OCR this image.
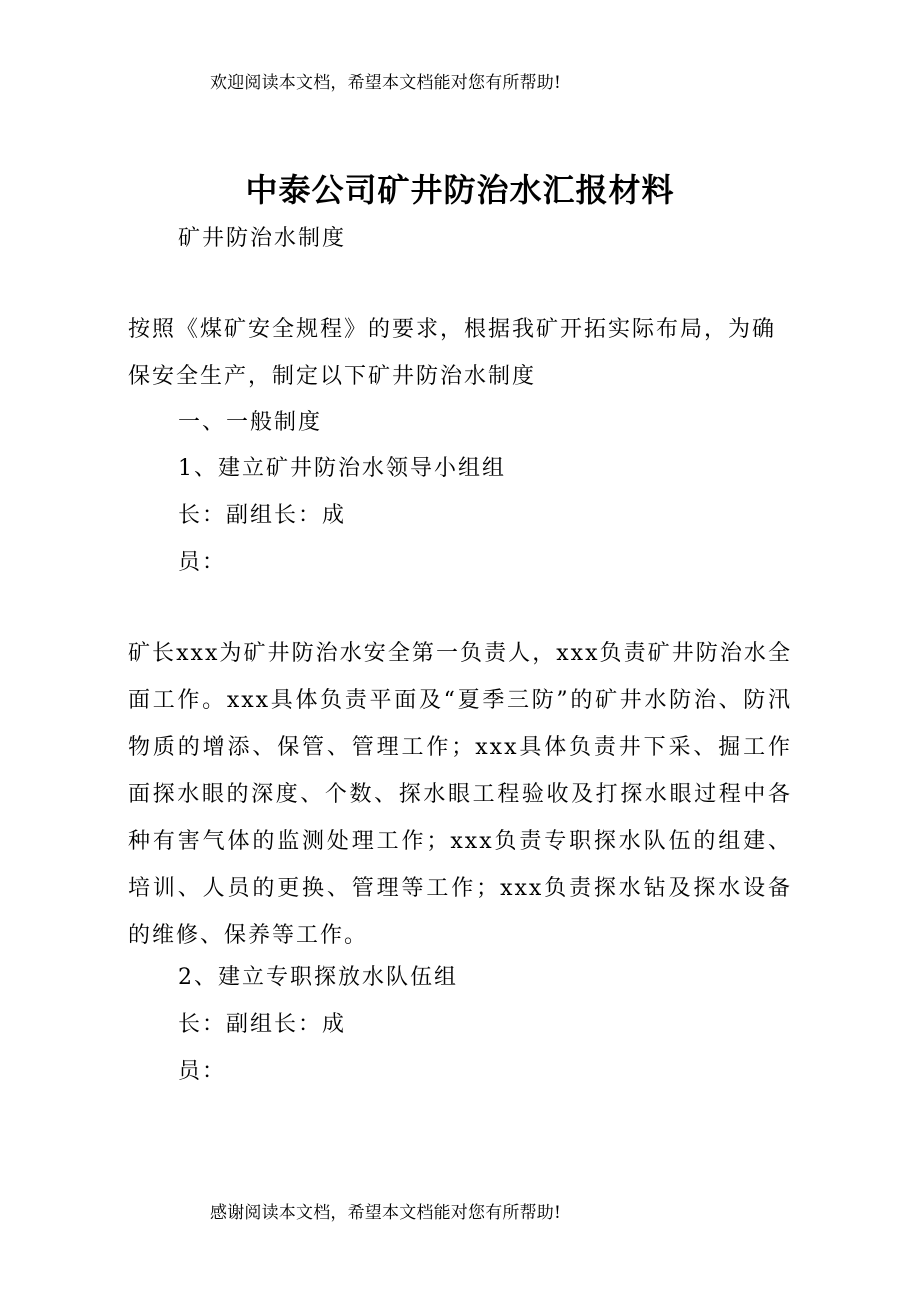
欢迎阅读本文档，希望本文档能对您有所帮助!
中泰公司矿井防治水汇报材料
矿井防治水制度
按照《煤矿安全规程》的要求，根据我矿开拓实际布局，为确
保安全生产，制定以下矿井防治水制度
一、一般制度
1、建立矿井防治水领导小组组
长：副组长：成
员：
矿长xxx为矿井防治水安全第一负责人，xxx负责矿井防治水全面工作。xxx具体负责平面及“夏季三防”的矿井水防治、防汛物质的增添、保管、管理工作；xxx具体负责井下采、掘工作面探水眼的深度、个数、探水眼工程验收及打探水眼过程中各种有害气体的监测处理工作；xxx负责专职探水队伍的组建、培训、人员的更换、管理等工作；xxx负责探水钻及探水设备的维修、保养等工作。
2、建立专职探放水队伍组
长：副组长：成
员：
感谢阅读本文档，希望本文档能对您有所帮助!
